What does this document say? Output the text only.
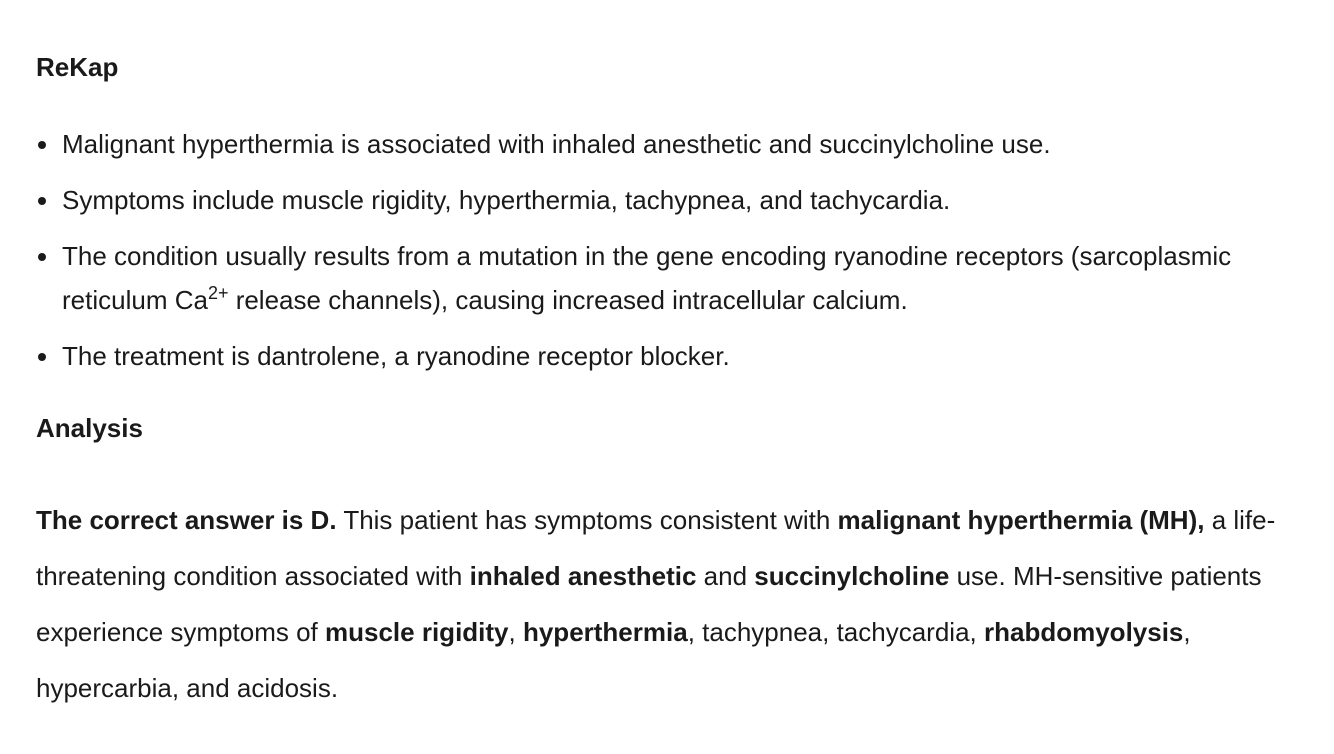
ReKap
Malignant hyperthermia is associated with inhaled anesthetic and succinylcholine use.
Symptoms include muscle rigidity, hyperthermia, tachypnea, and tachycardia.
The condition usually results from a mutation in the gene encoding ryanodine receptors (sarcoplasmic reticulum $Ca^{2+}$ release channels), causing increased intracellular calcium.
The treatment is dantrolene, a ryanodine receptor blocker.
Analysis

The correct answer is D. This patient has symptoms consistent with malignant hyperthermia (MH), a life-threatening condition associated with inhaled anesthetic and succinylcholine use. MH-sensitive patients experience symptoms of muscle rigidity, hyperthermia, tachypnea, tachycardia, rhabdomyolysis, hypercarbia, and acidosis.
